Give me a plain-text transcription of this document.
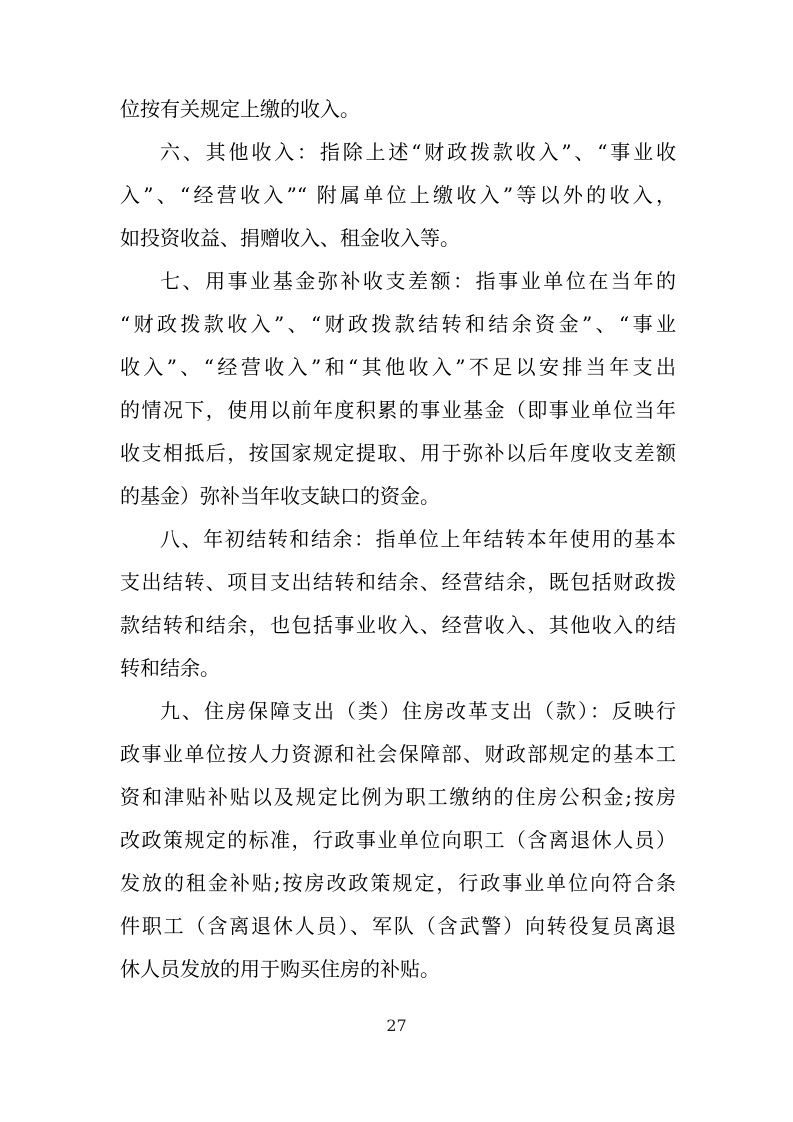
位按有关规定上缴的收入。
六、其他收入：指除上述“财政拨款收入”、“事业收
入”、“经营收入”“ 附属单位上缴收入”等以外的收入，
如投资收益、捐赠收入、租金收入等。
七、用事业基金弥补收支差额：指事业单位在当年的
“财政拨款收入”、“财政拨款结转和结余资金”、“事业
收入”、“经营收入”和“其他收入”不足以安排当年支出
的情况下，使用以前年度积累的事业基金（即事业单位当年
收支相抵后，按国家规定提取、用于弥补以后年度收支差额
的基金）弥补当年收支缺口的资金。
八、年初结转和结余：指单位上年结转本年使用的基本
支出结转、项目支出结转和结余、经营结余，既包括财政拨
款结转和结余，也包括事业收入、经营收入、其他收入的结
转和结余。
九、住房保障支出（类）住房改革支出（款）：反映行
政事业单位按人力资源和社会保障部、财政部规定的基本工
资和津贴补贴以及规定比例为职工缴纳的住房公积金;按房
改政策规定的标准，行政事业单位向职工（含离退休人员）
发放的租金补贴;按房改政策规定，行政事业单位向符合条
件职工（含离退休人员）、军队（含武警）向转役复员离退
休人员发放的用于购买住房的补贴。
27
